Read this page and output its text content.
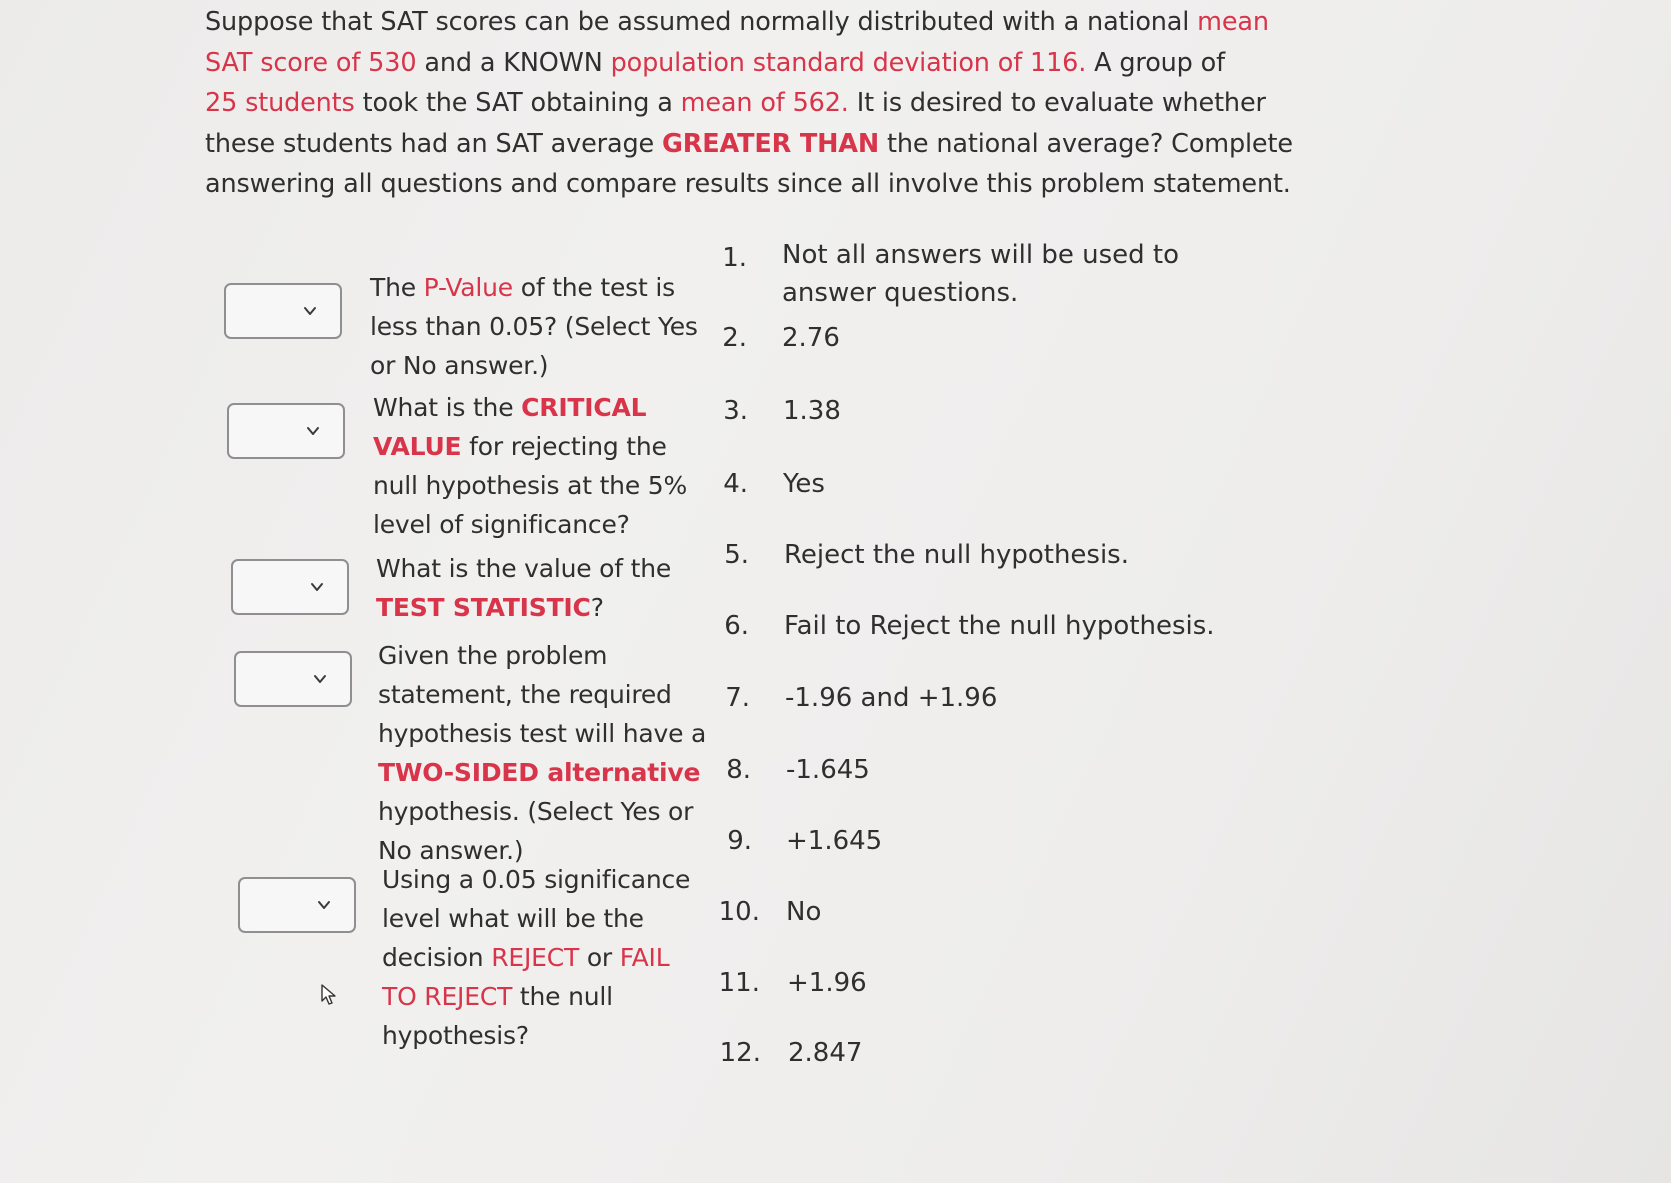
Suppose that SAT scores can be assumed normally distributed with a national mean
SAT score of 530 and a KNOWN population standard deviation of 116. A group of
25 students took the SAT obtaining a mean of 562. It is desired to evaluate whether
these students had an SAT average GREATER THAN the national average? Complete
answering all questions and compare results since all involve this problem statement.

The P-Value of the test is
less than 0.05? (Select Yes
or No answer.)
What is the CRITICAL
VALUE for rejecting the
null hypothesis at the 5%
level of significance?
What is the value of the
TEST STATISTIC?
Given the problem
statement, the required
hypothesis test will have a
TWO-SIDED alternative
hypothesis. (Select Yes or
No answer.)
Using a 0.05 significance
level what will be the
decision REJECT or FAIL
TO REJECT the null
hypothesis?
1. Not all answers will be used to
answer questions.
2. 2.76
3. 1.38
4. Yes
5. Reject the null hypothesis.
6. Fail to Reject the null hypothesis.
7. -1.96 and +1.96
8. -1.645
9. +1.645
10. No
11. +1.96
12. 2.847
